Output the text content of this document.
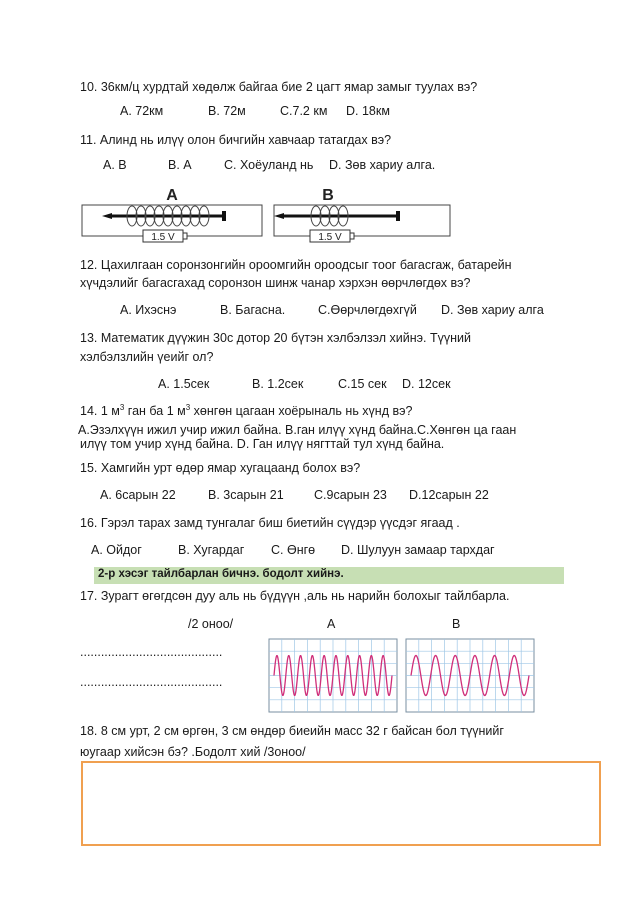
10. 36км/ц хурдтай хөдөлж байгаа бие 2 цагт ямар замыг туулах вэ?
А. 72км	В. 72м	С.7.2 км D. 18км
11. Алинд нь илүү олон бичгийн хавчаар татагдах вэ?
А. В	В. А	С. Хоёуланд нь D. Зөв хариу алга.
A
1.5 V
B
1.5 V
12. Цахилгаан соронзонгийн ороомгийн ороодсыг тоог багасгаж, батарейн
хүчдэлийг багасгахад соронзон шинж чанар хэрхэн өөрчлөгдөх вэ?
А. Ихэснэ	В. Багасна.	С.Өөрчлөгдөхгүй D. Зөв хариу алга
13. Математик дүүжин 30с дотор 20 бүтэн хэлбэлзэл хийнэ. Түүний
хэлбэлзлийн үеийг ол?
А. 1.5сек	В. 1.2сек	С.15 сек D. 12сек
14. 1 $м^3$ ган ба 1 $м^3$ хөнгөн цагаан хоёрыналь нь хүнд вэ?
А.Эзэлхүүн ижил учир ижил байна. В.ган илүү хүнд байна.С.Хөнгөн ца гаан
илүү том учир хүнд байна. D. Ган илүү нягттай тул хүнд байна.
15. Хамгийн урт өдөр ямар хугацаанд болох вэ?
А. 6сарын 22	В. 3сарын 21 С.9сарын 23 D.12сарын 22
16. Гэрэл тарах замд тунгалаг биш биетийн сүүдэр үүсдэг ягаад .
А. Ойдог	В. Хугардаг С. Өнгө D. Шулуун замаар тархдаг
2-р хэсэг тайлбарлан бичнэ. бодолт хийнэ.
17. Зурагт өгөгдсөн дуу аль нь бүдүүн ,аль нь нарийн болохыг тайлбарла.
/2 оноо/	А	В
.........................................
.........................................
18. 8 см урт, 2 см өргөн, 3 см өндөр биеийн масс 32 г байсан бол түүнийг
юугаар хийсэн бэ? .Бодолт хий /3оноо/
